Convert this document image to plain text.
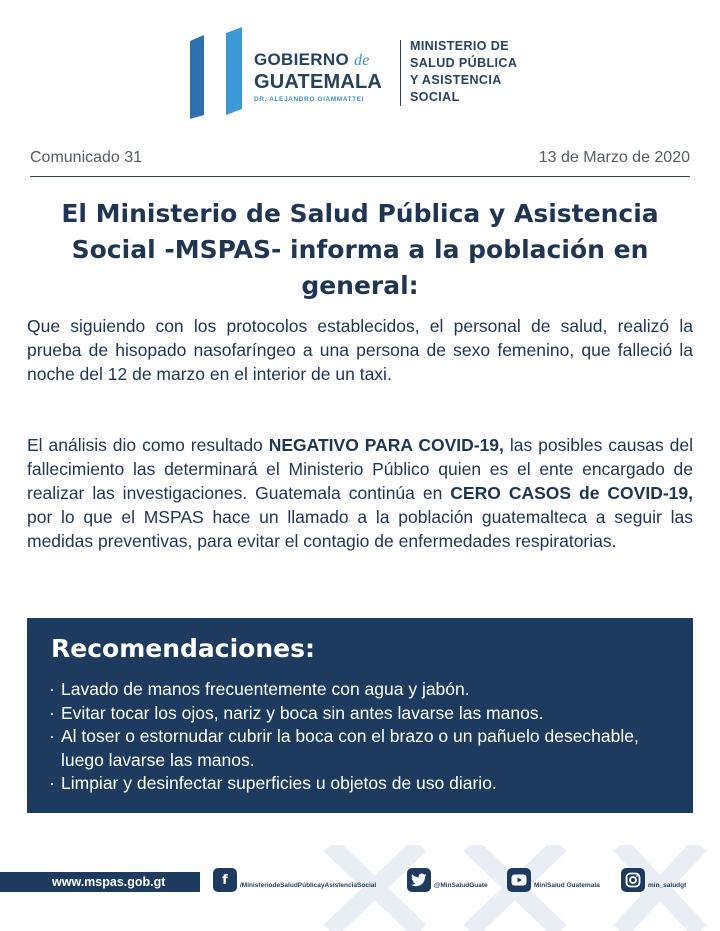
GOBIERNO de
GUATEMALA
DR. ALEJANDRO GIAMMATTEI
MINISTERIO DE
SALUD PÚBLICA
Y ASISTENCIA
SOCIAL
Comunicado 31	13 de Marzo de 2020
El Ministerio de Salud Pública y Asistencia Social -MSPAS- informa a la población en general:

Que siguiendo con los protocolos establecidos, el personal de salud, realizó la prueba de hisopado nasofaríngeo a una persona de sexo femenino, que falleció la noche del 12 de marzo en el interior de un taxi.

El análisis dio como resultado NEGATIVO PARA COVID-19, las posibles causas del fallecimiento las determinará el Ministerio Público quien es el ente encargado de realizar las investigaciones. Guatemala continúa en CERO CASOS de COVID-19, por lo que el MSPAS hace un llamado a la población guatemalteca a seguir las medidas preventivas, para evitar el contagio de enfermedades respiratorias.

Recomendaciones:
· Lavado de manos frecuentemente con agua y jabón.
· Evitar tocar los ojos, nariz y boca sin antes lavarse las manos.
· Al toser o estornudar cubrir la boca con el brazo o un pañuelo desechable, luego lavarse las manos.
· Limpiar y desinfectar superficies u objetos de uso diario.
www.mspas.gob.gt	f	/MinisteriodeSaludPúblicayAsistenciaSocial	@MinSaludGuate	MiniSalud Guatemala	min_saludgt
